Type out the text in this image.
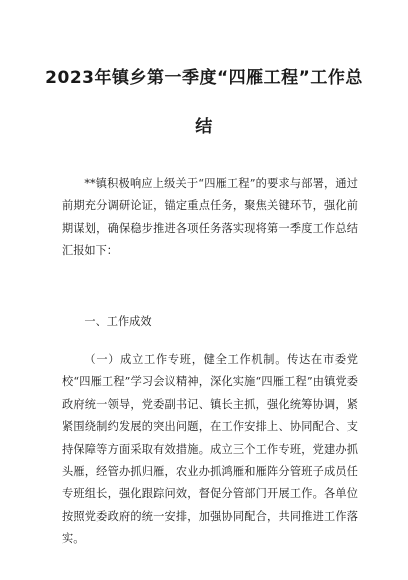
2023年镇乡第一季度“四雁工程”工作总
结

**镇积极响应上级关于“四雁工程”的要求与部署，通过前期充分调研论证，锚定重点任务，聚焦关键环节，强化前期谋划，确保稳步推进各项任务落实现将第一季度工作总结汇报如下：

一、工作成效

（一）成立工作专班，健全工作机制。传达在市委党校“四雁工程”学习会议精神，深化实施“四雁工程”由镇党委政府统一领导，党委副书记、镇长主抓，强化统筹协调，紧紧围绕制约发展的突出问题，在工作安排上、协同配合、支持保障等方面采取有效措施。成立三个工作专班，党建办抓头雁，经管办抓归雁，农业办抓鸿雁和雁阵分管班子成员任专班组长，强化跟踪问效，督促分管部门开展工作。各单位按照党委政府的统一安排，加强协同配合，共同推进工作落实。
